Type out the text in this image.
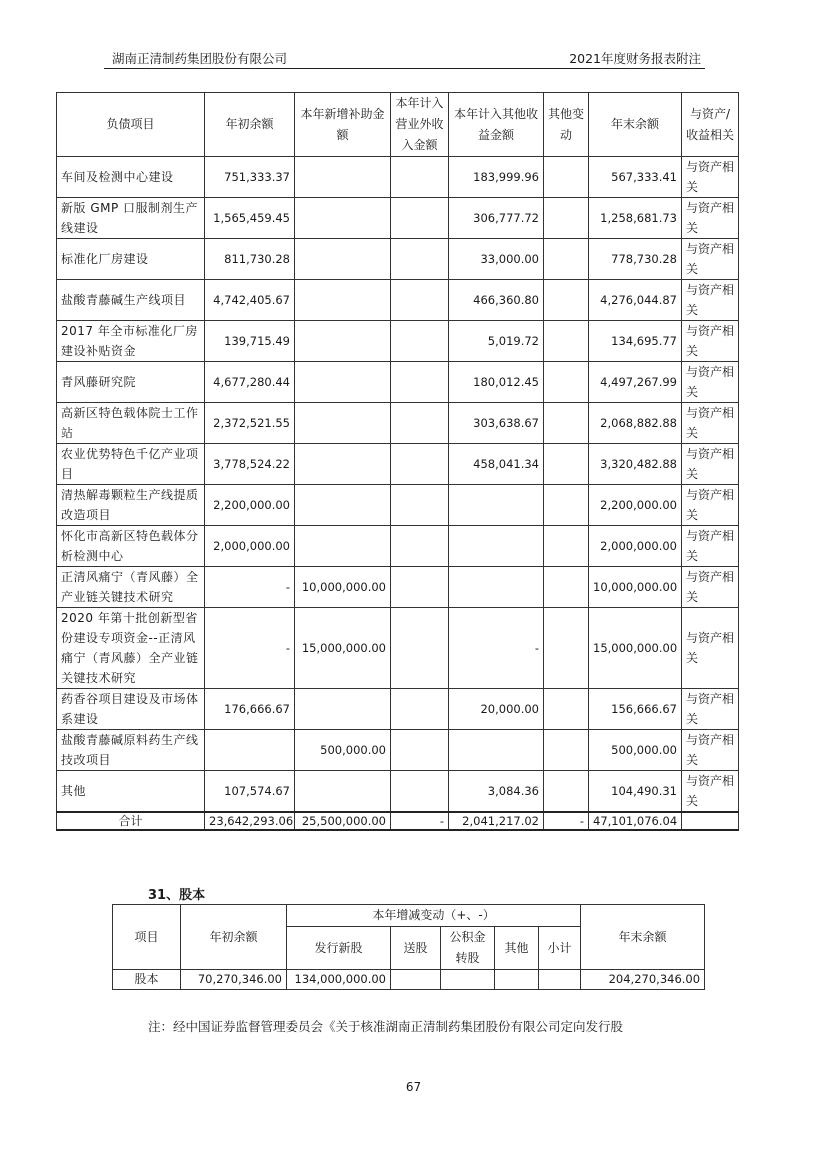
湖南正清制药集团股份有限公司	2021年度财务报表附注
负债项目	年初余额	本年新增补助金额	本年计入营业外收入金额	本年计入其他收益金额	其他变动	年末余额	与资产/收益相关
车间及检测中心建设	751,333.37			183,999.96		567,333.41	与资产相关
新版 GMP 口服制剂生产线建设	1,565,459.45			306,777.72		1,258,681.73	与资产相关
标准化厂房建设	811,730.28			33,000.00		778,730.28	与资产相关
盐酸青藤碱生产线项目	4,742,405.67			466,360.80		4,276,044.87	与资产相关
2017 年全市标准化厂房建设补贴资金	139,715.49			5,019.72		134,695.77	与资产相关
青风藤研究院	4,677,280.44			180,012.45		4,497,267.99	与资产相关
高新区特色载体院士工作站	2,372,521.55			303,638.67		2,068,882.88	与资产相关
农业优势特色千亿产业项目	3,778,524.22			458,041.34		3,320,482.88	与资产相关
清热解毒颗粒生产线提质改造项目	2,200,000.00					2,200,000.00	与资产相关
怀化市高新区特色载体分析检测中心	2,000,000.00					2,000,000.00	与资产相关
正清风痛宁（青风藤）全产业链关键技术研究	-	10,000,000.00				10,000,000.00	与资产相关
2020 年第十批创新型省份建设专项资金--正清风痛宁（青风藤）全产业链关键技术研究	-	15,000,000.00		-		15,000,000.00	与资产相关
药香谷项目建设及市场体系建设	176,666.67			20,000.00		156,666.67	与资产相关
盐酸青藤碱原料药生产线技改项目		500,000.00				500,000.00	与资产相关
其他	107,574.67			3,084.36		104,490.31	与资产相关
合计	23,642,293.06	25,500,000.00	-	2,041,217.02	-	47,101,076.04	
31、股本
项目	年初余额	本年增减变动（+、-）					年末余额
		发行新股	送股	公积金转股	其他	小计	
股本	70,270,346.00	134,000,000.00					204,270,346.00
注：经中国证券监督管理委员会《关于核准湖南正清制药集团股份有限公司定向发行股
67
